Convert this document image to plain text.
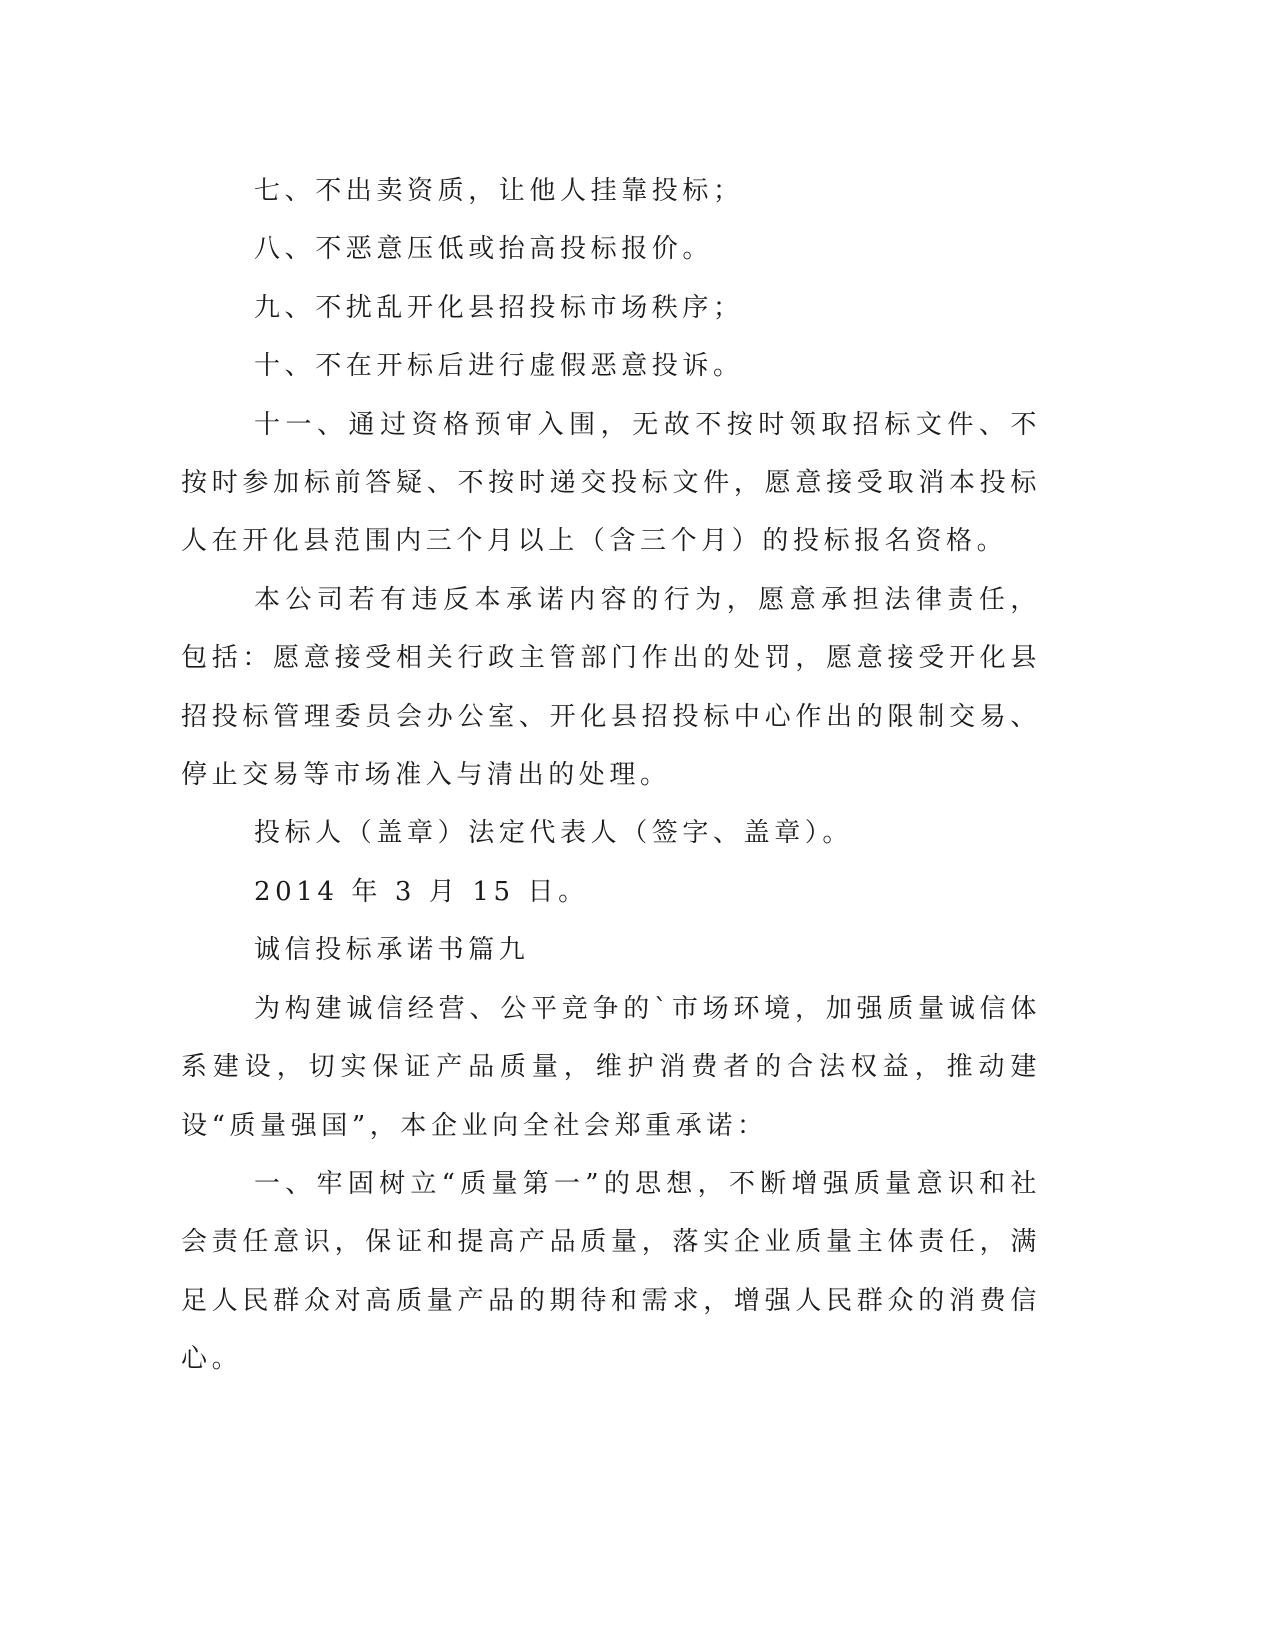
七、不出卖资质，让他人挂靠投标；

八、不恶意压低或抬高投标报价。

九、不扰乱开化县招投标市场秩序；

十、不在开标后进行虚假恶意投诉。

十一、通过资格预审入围，无故不按时领取招标文件、不按时参加标前答疑、不按时递交投标文件，愿意接受取消本投标人在开化县范围内三个月以上（含三个月）的投标报名资格。

本公司若有违反本承诺内容的行为，愿意承担法律责任，包括：愿意接受相关行政主管部门作出的处罚，愿意接受开化县招投标管理委员会办公室、开化县招投标中心作出的限制交易、停止交易等市场准入与清出的处理。

投标人（盖章）法定代表人（签字、盖章）。

2014 年 3 月 15 日。

诚信投标承诺书篇九

为构建诚信经营、公平竞争的`市场环境，加强质量诚信体系建设，切实保证产品质量，维护消费者的合法权益，推动建设“质量强国”，本企业向全社会郑重承诺：

一、牢固树立“质量第一”的思想，不断增强质量意识和社会责任意识，保证和提高产品质量，落实企业质量主体责任，满足人民群众对高质量产品的期待和需求，增强人民群众的消费信心。
